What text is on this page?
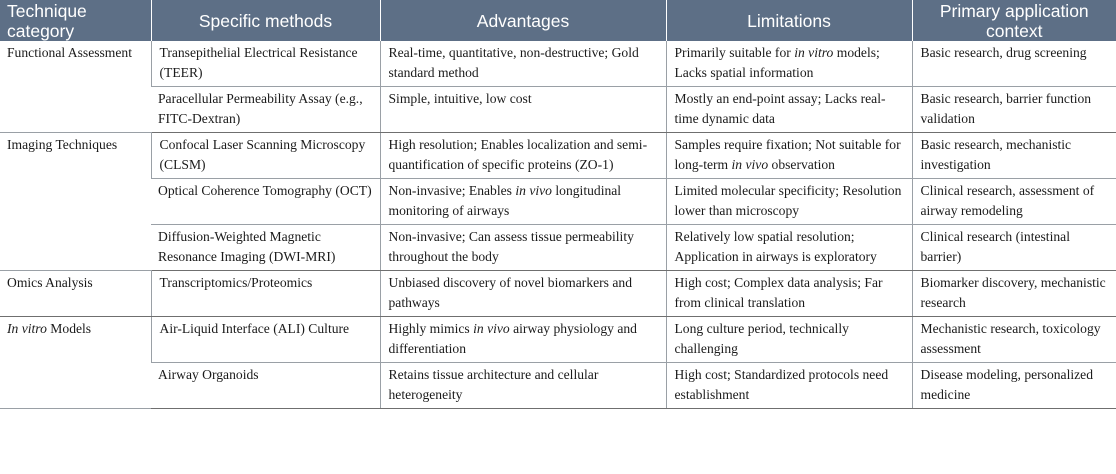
Technique category	Specific methods	Advantages	Limitations	Primary application context
Functional Assessment	Transepithelial Electrical Resistance (TEER)	Real-time, quantitative, non-destructive; Gold standard method	Primarily suitable for in vitro models; Lacks spatial information	Basic research, drug screening
	Paracellular Permeability Assay (e.g., FITC-Dextran)	Simple, intuitive, low cost	Mostly an end-point assay; Lacks real-time dynamic data	Basic research, barrier function validation
Imaging Techniques	Confocal Laser Scanning Microscopy (CLSM)	High resolution; Enables localization and semi-quantification of specific proteins (ZO-1)	Samples require fixation; Not suitable for long-term in vivo observation	Basic research, mechanistic investigation
	Optical Coherence Tomography (OCT)	Non-invasive; Enables in vivo longitudinal monitoring of airways	Limited molecular specificity; Resolution lower than microscopy	Clinical research, assessment of airway remodeling
	Diffusion-Weighted Magnetic Resonance Imaging (DWI-MRI)	Non-invasive; Can assess tissue permeability throughout the body	Relatively low spatial resolution; Application in airways is exploratory	Clinical research (intestinal barrier)
Omics Analysis	Transcriptomics/Proteomics	Unbiased discovery of novel biomarkers and pathways	High cost; Complex data analysis; Far from clinical translation	Biomarker discovery, mechanistic research
In vitro Models	Air-Liquid Interface (ALI) Culture	Highly mimics in vivo airway physiology and differentiation	Long culture period, technically challenging	Mechanistic research, toxicology assessment
	Airway Organoids	Retains tissue architecture and cellular heterogeneity	High cost; Standardized protocols need establishment	Disease modeling, personalized medicine
